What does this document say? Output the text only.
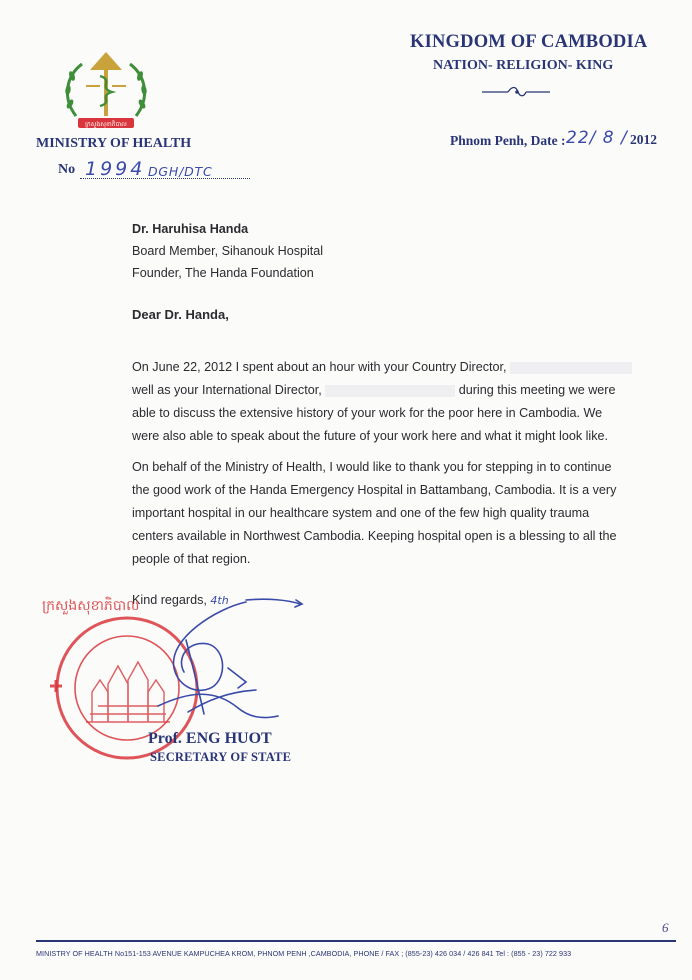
KINGDOM OF CAMBODIA
NATION- RELIGION- KING
ក្រសួងសុខាភិបាល
MINISTRY OF HEALTH
No 1994 DGH/DTC
Phnom Penh, Date : 22/ 8 / 2012
Dr. Haruhisa Handa
Board Member, Sihanouk Hospital
Founder, The Handa Foundation
Dear Dr. Handa,
On June 22, 2012 I spent about an hour with your Country Director,
well as your International Director,	during this meeting we were
able to discuss the extensive history of your work for the poor here in Cambodia. We
were also able to speak about the future of your work here and what it might look like.
On behalf of the Ministry of Health, I would like to thank you for stepping in to continue
the good work of the Handa Emergency Hospital in Battambang, Cambodia. It is a very
important hospital in our healthcare system and one of the few high quality trauma
centers available in Northwest Cambodia. Keeping hospital open is a blessing to all the
people of that region.
Kind regards, 4th
ក្រសួងសុខាភិបាល
Prof. ENG HUOT
SECRETARY OF STATE
6
MINISTRY OF HEALTH No151-153 AVENUE KAMPUCHEA KROM, PHNOM PENH ,CAMBODIA, PHONE / FAX ; (855-23) 426 034 / 426 841 Tel : (855 - 23) 722 933
